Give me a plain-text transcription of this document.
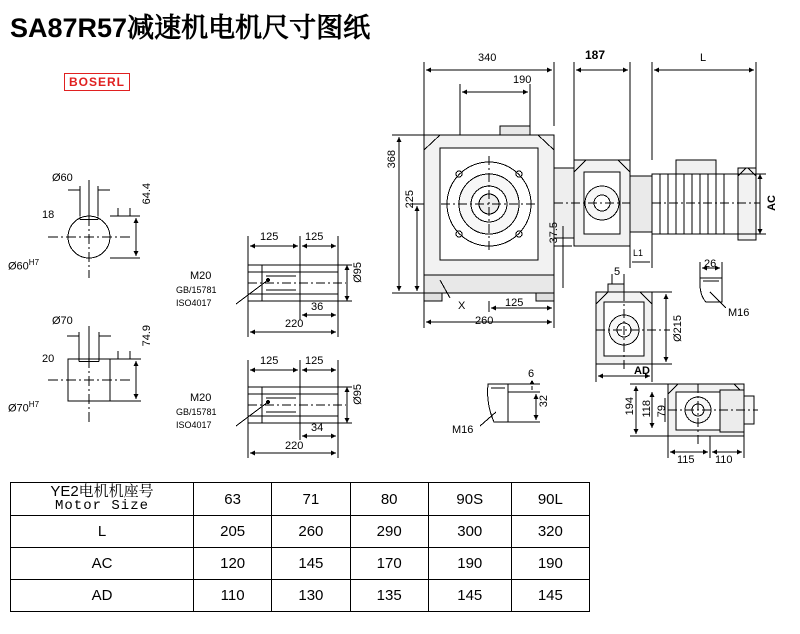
SA87R57减速机电机尺寸图纸
BOSERL
Ø60
18
64.4
$Ø60^{H7}$
Ø70
20
74.9
$Ø70^{H7}$
125 125
36
220
Ø95
M20
GB/15781
ISO4017
125 125
34
220
Ø95
M20
GB/15781
ISO4017
340
190
187	L
368
225
260
125
37.5
X
L1
AC
26
M16
5
Ø215
AD
6
32
M16
194 118 79
115 110
YE2电机机座号
Motor Size	63	71	80	90S	90L
L	205	260	290	300	320
AC	120	145	170	190	190
AD	110	130	135	145	145
